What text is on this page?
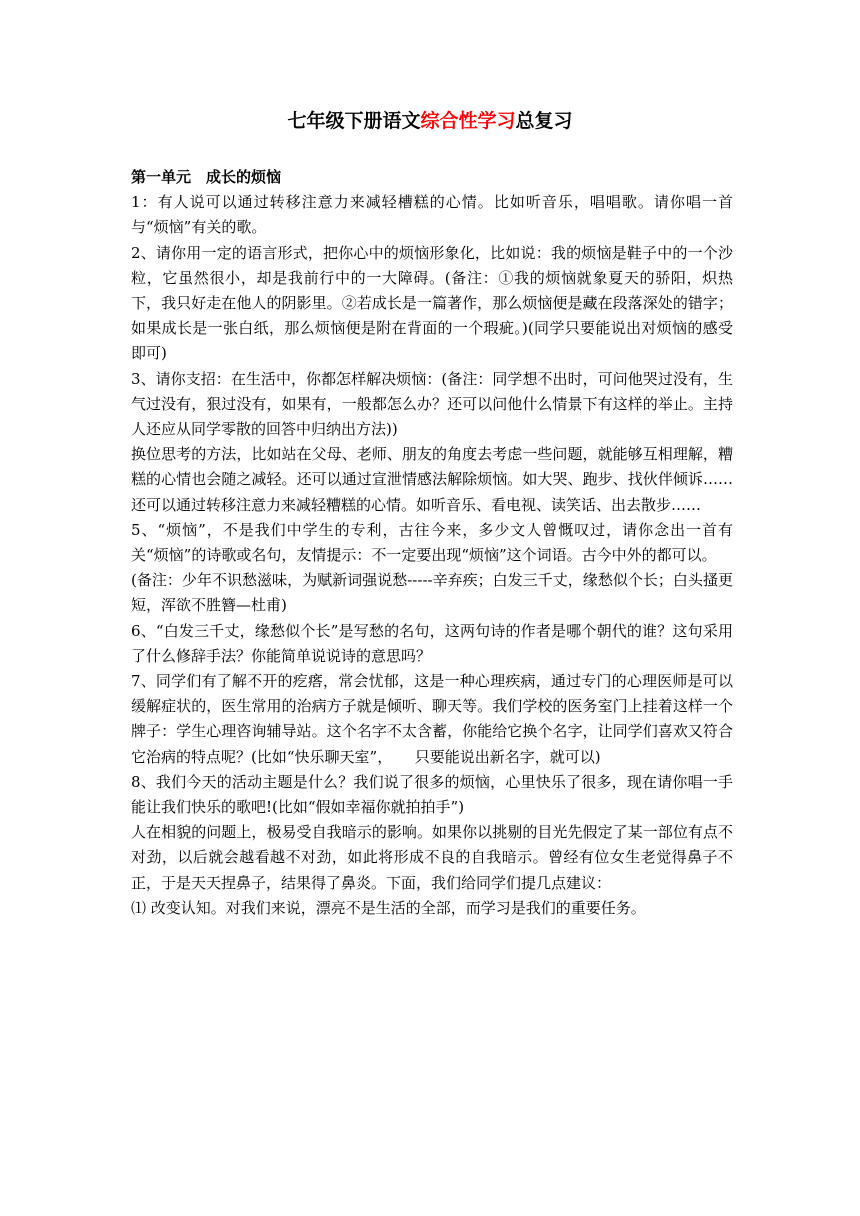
七年级下册语文综合性学习总复习

第一单元　成长的烦恼

1：有人说可以通过转移注意力来减轻槽糕的心情。比如听音乐，唱唱歌。请你唱一首与“烦恼”有关的歌。

2、请你用一定的语言形式，把你心中的烦恼形象化，比如说：我的烦恼是鞋子中的一个沙粒，它虽然很小，却是我前行中的一大障碍。(备注：①我的烦恼就象夏天的骄阳，炽热下，我只好走在他人的阴影里。②若成长是一篇著作，那么烦恼便是藏在段落深处的错字；如果成长是一张白纸，那么烦恼便是附在背面的一个瑕疵。)(同学只要能说出对烦恼的感受即可)

3、请你支招：在生活中，你都怎样解决烦恼：(备注：同学想不出时，可问他哭过没有，生气过没有，狠过没有，如果有，一般都怎么办？还可以问他什么情景下有这样的举止。主持人还应从同学零散的回答中归纳出方法))

换位思考的方法，比如站在父母、老师、朋友的角度去考虑一些问题，就能够互相理解，糟糕的心情也会随之减轻。还可以通过宣泄情感法解除烦恼。如大哭、跑步、找伙伴倾诉……还可以通过转移注意力来减轻糟糕的心情。如听音乐、看电视、读笑话、出去散步……

5、“烦恼”，不是我们中学生的专利，古往今来，多少文人曾慨叹过，请你念出一首有关“烦恼”的诗歌或名句，友情提示：不一定要出现“烦恼”这个词语。古今中外的都可以。

(备注：少年不识愁滋味，为赋新词强说愁-----辛弃疾；白发三千丈，缘愁似个长；白头搔更短，浑欲不胜簪—杜甫)

6、“白发三千丈，缘愁似个长”是写愁的名句，这两句诗的作者是哪个朝代的谁？这句采用了什么修辞手法？你能简单说说诗的意思吗？

7、同学们有了解不开的疙瘩，常会忧郁，这是一种心理疾病，通过专门的心理医师是可以缓解症状的，医生常用的治病方子就是倾听、聊天等。我们学校的医务室门上挂着这样一个牌子：学生心理咨询辅导站。这个名字不太含蓄，你能给它换个名字，让同学们喜欢又符合它治病的特点呢？(比如“快乐聊天室”，　　只要能说出新名字，就可以)

8、我们今天的活动主题是什么？我们说了很多的烦恼，心里快乐了很多，现在请你唱一手能让我们快乐的歌吧!(比如“假如幸福你就拍拍手”)

人在相貌的问题上，极易受自我暗示的影响。如果你以挑剔的目光先假定了某一部位有点不对劲，以后就会越看越不对劲，如此将形成不良的自我暗示。曾经有位女生老觉得鼻子不正，于是天天捏鼻子，结果得了鼻炎。下面，我们给同学们提几点建议：

⑴ 改变认知。对我们来说，漂亮不是生活的全部，而学习是我们的重要任务。
